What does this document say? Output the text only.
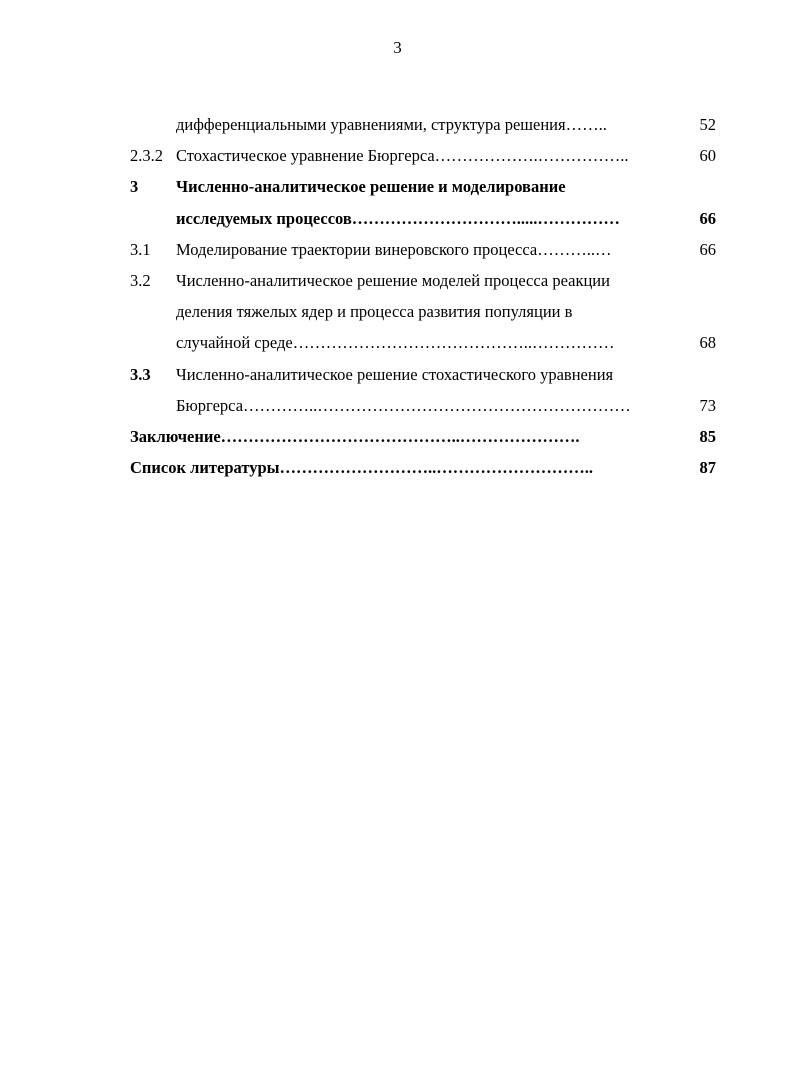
3
дифференциальными уравнениями, структура решения……..	52
2.3.2 Стохастическое уравнение Бюргерса……………….……………..	60
3 Численно-аналитическое решение и моделирование
исследуемых процессов………………………….....……………	66
3.1 Моделирование траектории винеровского процесса………..…	66
3.2 Численно-аналитическое решение моделей процесса реакции
деления тяжелых ядер и процесса развития популяции в
случайной среде……………………………………..……………	68
3.3 Численно-аналитическое решение стохастического уравнения
Бюргерса…………..…………………………………………………	73
Заключение……………………………………..………………….	85
Список литературы………………………..………………………..	87
